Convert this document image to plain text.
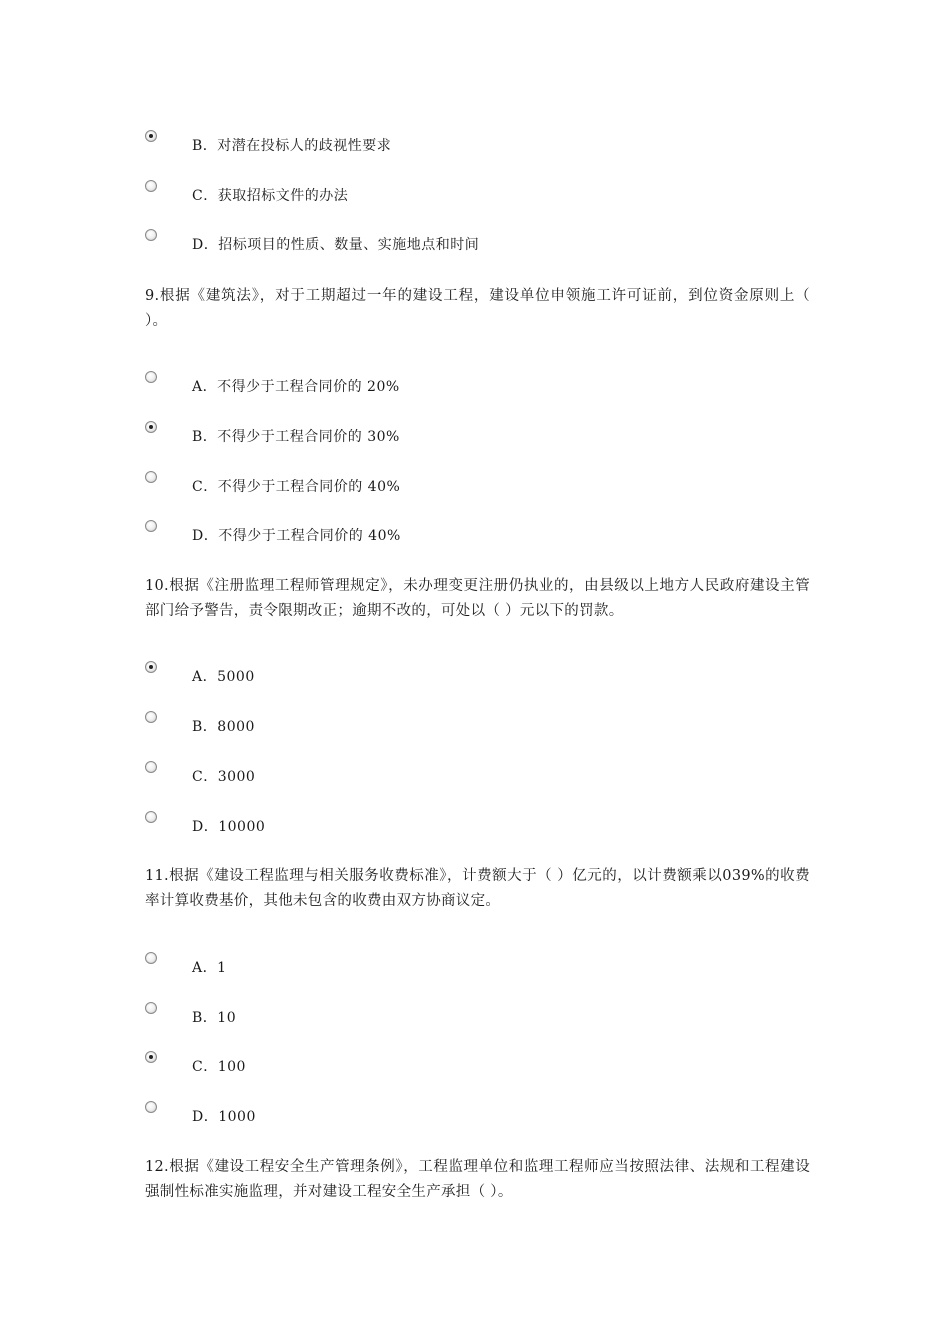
B．对潜在投标人的歧视性要求
C．获取招标文件的办法
D．招标项目的性质、数量、实施地点和时间
9.根据《建筑法》，对于工期超过一年的建设工程，建设单位申领施工许可证前，到位资金原则上（ ）。
A．不得少于工程合同价的 20%
B．不得少于工程合同价的 30%
C．不得少于工程合同价的 40%
D．不得少于工程合同价的 40%
10.根据《注册监理工程师管理规定》，未办理变更注册仍执业的，由县级以上地方人民政府建设主管部门给予警告，责令限期改正；逾期不改的，可处以（ ）元以下的罚款。
A．5000
B．8000
C．3000
D．10000
11.根据《建设工程监理与相关服务收费标准》，计费额大于（ ）亿元的，以计费额乘以039%的收费率计算收费基价，其他未包含的收费由双方协商议定。
A．1
B．10
C．100
D．1000
12.根据《建设工程安全生产管理条例》，工程监理单位和监理工程师应当按照法律、法规和工程建设强制性标准实施监理，并对建设工程安全生产承担（ ）。
